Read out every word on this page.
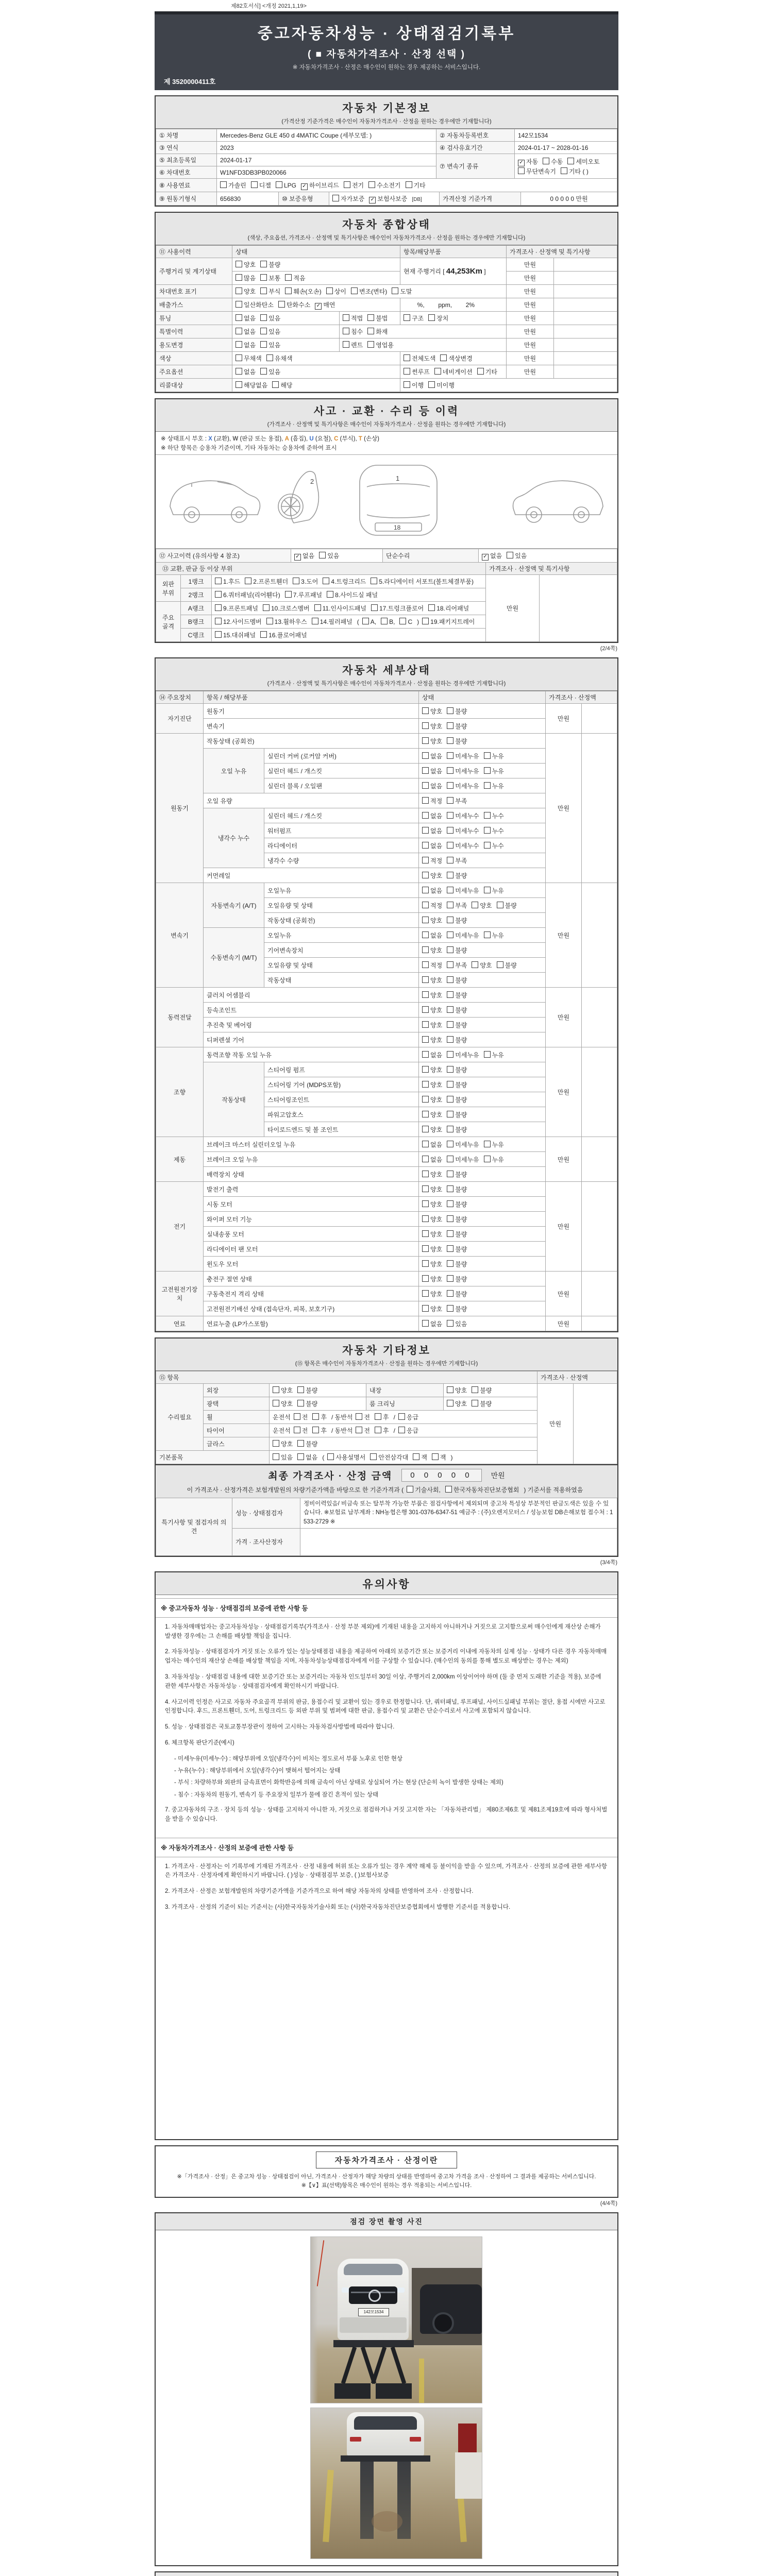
제82호서식] <개정 2021,1,19>
중고자동차성능 · 상태점검기록부
( ■ 자동차가격조사 · 산정 선택 )
※ 자동차가격조사 · 산정은 매수인이 원하는 경우 제공하는 서비스입니다.
제 3520000411호
자동차 기본정보
(가격산정 기준가격은 매수인이 자동차가격조사 · 산정을 원하는 경우에만 기재합니다)
① 차명	Mercedes-Benz GLE 450 d 4MATIC Coupe (세부모델: )	② 자동차등록번호	142모1534
③ 연식	2023	④ 검사유효기간	2024-01-17 ~ 2028-01-16
⑤ 최초등록일	2024-01-17	⑦ 변속기 종류	✓ 자동 수동 세미오토무단변속기 기타 ( )
⑥ 차대번호	W1NFD3DB3PB020066		
⑧ 사용연료	가솔린 디젤 LPG ✓ 하이브리드 전기 수소전기 기타		
⑨ 원동기형식	656830	⑩ 보증유형	자가보증 ✓ 보험사보증 [DB]	가격산정 기준가격	0 0 0 0 0 만원
자동차 종합상태
(색상, 주요옵션, 가격조사 · 산정액 및 특기사항은 매수인이 자동차가격조사 · 산정을 원하는 경우에만 기재합니다)
⑪ 사용이력	상태		항목/해당부품	가격조사 · 산정액 및 특기사항	
주행거리 및 계기상태	양호 불량		현재 주행거리 [ 44,253Km ]	만원	
	많음 보통 적음			만원	
차대번호 표기	양호 부식 훼손(오손) 상이 변조(변타) 도말			만원	
배출가스	일산화탄소 탄화수소 ✓ 매연		%,        ppm,        2%	만원	
튜닝	없음 있음	적법 불법	구조 장치	만원	
특별이력	없음 있음	침수 화재		만원	
용도변경	없음 있음	렌트 영업용		만원	
색상	무채색 유채색		전체도색 색상변경	만원	
주요옵션	없음 있음		썬루프 네비게이션 기타	만원	
리콜대상	해당없음 해당		이행 미이행		
사고 · 교환 · 수리 등 이력
(가격조사 · 산정액 및 특기사항은 매수인이 자동차가격조사 · 산정을 원하는 경우에만 기재합니다)
※ 상태표시 부호 : X (교환), W (판금 또는 용접), A (흠집), U (요철), C (부식), T (손상)
※ 하단 항목은 승용차 기준이며, 기타 자동차는 승용차에 준하여 표시
2	1
18
⑫ 사고이력 (유의사항 4 참조)	✓ 없음 있음	단순수리	✓ 없음 있음
⑬ 교환, 판금 등 이상 부위			가격조사 · 산정액 및 특기사항	
외판 부위	1랭크	1.후드 2.프론트휀더 3.도어 4.트렁크리드 5.라디에이터 서포트(볼트체결부품)	만원	
	2랭크	6.쿼터패널(리어휀다) 7.루프패널 8.사이드실 패널		
주요 골격	A랭크	9.프론트패널 10.크로스멤버 11.인사이드패널 17.트렁크플로어 18.리어패널		
	B랭크	12.사이드멤버 13.휠하우스 14.필러패널 ( A, B, C ) 19.패키지트레이		
	C랭크	15.대쉬패널 16.플로어패널		
(2/4쪽)
자동차 세부상태
(가격조사 · 산정액 및 특기사항은 매수인이 자동차가격조사 · 산정을 원하는 경우에만 기재합니다)
⑭ 주요장치	항목 / 해당부품		상태	가격조사 · 산정액	
자기진단	원동기		양호 불량	만원	
	변속기		양호 불량		
원동기	작동상태 (공회전)		양호 불량	만원	
	오일 누유	실린더 커버 (로커암 커버)	없음 미세누유 누유		
		실린더 헤드 / 개스킷	없음 미세누유 누유		
		실린더 블록 / 오일팬	없음 미세누유 누유		
	오일 유량		적정 부족		
	냉각수 누수	실린더 헤드 / 개스킷	없음 미세누수 누수		
		워터펌프	없음 미세누수 누수		
		라디에이터	없음 미세누수 누수		
		냉각수 수량	적정 부족		
	커먼레일		양호 불량		
변속기	자동변속기 (A/T)	오일누유	없음 미세누유 누유	만원	
		오일유량 및 상태	적정 부족 양호 불량		
		작동상태 (공회전)	양호 불량		
	수동변속기 (M/T)	오일누유	없음 미세누유 누유		
		기어변속장치	양호 불량		
		오일유량 및 상태	적정 부족 양호 불량		
		작동상태	양호 불량		
동력전달	클러치 어셈블리		양호 불량	만원	
	등속조인트		양호 불량		
	추진축 및 베어링		양호 불량		
	디퍼렌셜 기어		양호 불량		
조향	동력조향 작동 오일 누유		없음 미세누유 누유	만원	
	작동상태	스티어링 펌프	양호 불량		
		스티어링 기어 (MDPS포함)	양호 불량		
		스티어링조인트	양호 불량		
		파워고압호스	양호 불량		
		타이로드엔드 및 볼 조인트	양호 불량		
제동	브레이크 마스터 실린더오일 누유		없음 미세누유 누유	만원	
	브레이크 오일 누유		없음 미세누유 누유		
	배력장치 상태		양호 불량		
전기	발전기 출력		양호 불량	만원	
	시동 모터		양호 불량		
	와이퍼 모터 기능		양호 불량		
	실내송풍 모터		양호 불량		
	라디에이터 팬 모터		양호 불량		
	윈도우 모터		양호 불량		
고전원전기장치	충전구 절연 상태		양호 불량	만원	
	구동축전지 격리 상태		양호 불량		
	고전원전기배선 상태 (접속단자, 피복, 보호기구)		양호 불량		
연료	연료누출 (LP가스포함)		없음 있음	만원	
자동차 기타정보
(⑮ 항목은 매수인이 자동차가격조사 · 산정을 원하는 경우에만 기재합니다)
⑮ 항목					가격조사 · 산정액	
수리필요	외장	양호 불량	내장	양호 불량	만원	
	광택	양호 불량	룸 크리닝	양호 불량		
	휠	운전석 전 후 / 동반석 전 후 / 응급				
	타이어	운전석 전 후 / 동반석 전 후 / 응급				
	글라스	양호 불량				
기본품목		있음 없음 ( 사용설명서 안전삼각대 잭 잭 )				
최종 가격조사 · 산정 금액	0 0 0 0 0	만원
이 가격조사 · 산정가격은 보험개발원의 차량기준가액을 바탕으로 한 기준가격과 ( 기술사회, 한국자동차진단보증협회 ) 기준서를 적용하였음
특기사항 및 점검자의 의견	성능 · 상태점검자	정비이력있음/ 비금속 또는 탈부착 가능한 부품은 점검사항에서 제외되며 중고차 특성상 부분적인 판금도색은 있을 수 있습니다. ※보험료 납부계좌 : NH농협은행 301-0376-6347-51 예금주 : (주)오렌지모터스 / 성능보험 DB손해보험 접수처 : 1533-2729 ※
	가격 · 조사산정자	
(3/4쪽)
유의사항
※ 중고자동차 성능 · 상태점검의 보증에 관한 사항 등
1. 자동차매매업자는 중고자동차성능 · 상태점검기록부(가격조사 · 산정 부분 제외)에 기재된 내용을 고지하지 아니하거나 거짓으로 고지함으로써 매수인에게 재산상 손해가 발생한 경우에는 그 손해를 배상할 책임을 집니다.
2. 자동차성능 · 상태점검자가 거짓 또는 오류가 있는 성능상태점검 내용을 제공하여 아래의 보증기간 또는 보증거리 이내에 자동차의 실제 성능 · 상태가 다른 경우 자동차매매업자는 매수인의 재산상 손해를 배상할 책임을 지며, 자동차성능상태점검자에게 이를 구상할 수 있습니다. (매수인의 동의를 통해 별도로 배상받는 경우는 제외)
3. 자동차성능 · 상태점검 내용에 대한 보증기간 또는 보증거리는 자동차 인도일부터 30일 이상, 주행거리 2,000km 이상이어야 하며 (둘 중 먼저 도래한 기준을 적용), 보증에 관한 세부사항은 자동차성능 · 상태점검자에게 확인하시기 바랍니다.
4. 사고이력 인정은 사고로 자동차 주요골격 부위의 판금, 용접수리 및 교환이 있는 경우로 한정합니다. 단, 쿼터패널, 루프패널, 사이드실패널 부위는 절단, 용접 시에만 사고로 인정합니다. 후드, 프론트휀더, 도어, 트렁크리드 등 외판 부위 및 범퍼에 대한 판금, 용접수리 및 교환은 단순수리로서 사고에 포함되지 않습니다.
5. 성능 · 상태점검은 국토교통부장관이 정하여 고시하는 자동차검사방법에 따라야 합니다.
6. 체크항목 판단기준(예시)
- 미세누유(미세누수) : 해당부위에 오일(냉각수)이 비치는 정도로서 부품 노후로 인한 현상
- 누유(누수) : 해당부위에서 오일(냉각수)이 맺혀서 떨어지는 상태
- 부식 : 차량하부와 외판의 금속표면이 화학반응에 의해 금속이 아닌 상태로 상실되어 가는 현상 (단순히 녹이 발생한 상태는 제외)
- 침수 : 자동차의 원동기, 변속기 등 주요장치 일부가 물에 잠긴 흔적이 있는 상태
7. 중고자동차의 구조 · 장치 등의 성능 · 상태를 고지하지 아니한 자, 거짓으로 점검하거나 거짓 고지한 자는 「자동차관리법」 제80조제6호 및 제81조제19호에 따라 형사처벌을 받을 수 있습니다.
※ 자동차가격조사 · 산정의 보증에 관한 사항 등
1. 가격조사 · 산정자는 이 기록부에 기재된 가격조사 · 산정 내용에 허위 또는 오류가 있는 경우 계약 해제 등 불이익을 받을 수 있으며, 가격조사 · 산정의 보증에 관한 세부사항은 가격조사 · 산정자에게 확인하시기 바랍니다. ( )성능 · 상태점검부 보증, ( )보험사보증
2. 가격조사 · 산정은 보험개발원의 차량기준가액을 기준가격으로 하여 해당 자동차의 상태를 반영하여 조사 · 산정합니다.
3. 가격조사 · 산정의 기준이 되는 기준서는 (사)한국자동차기술사회 또는 (사)한국자동차진단보증협회에서 발행한 기준서를 적용합니다.
자동차가격조사 · 산정이란
※「가격조사 · 산정」은 중고차 성능 · 상태점검이 아닌, 가격조사 · 산정자가 해당 차량의 상태를 반영하여 중고차 가격을 조사 · 산정하여 그 결과를 제공하는 서비스입니다.
※【∨】표(선택)항목은 매수인이 원하는 경우 적용되는 서비스입니다.
(4/4쪽)
점검 장면 촬영 사진
142모1534
